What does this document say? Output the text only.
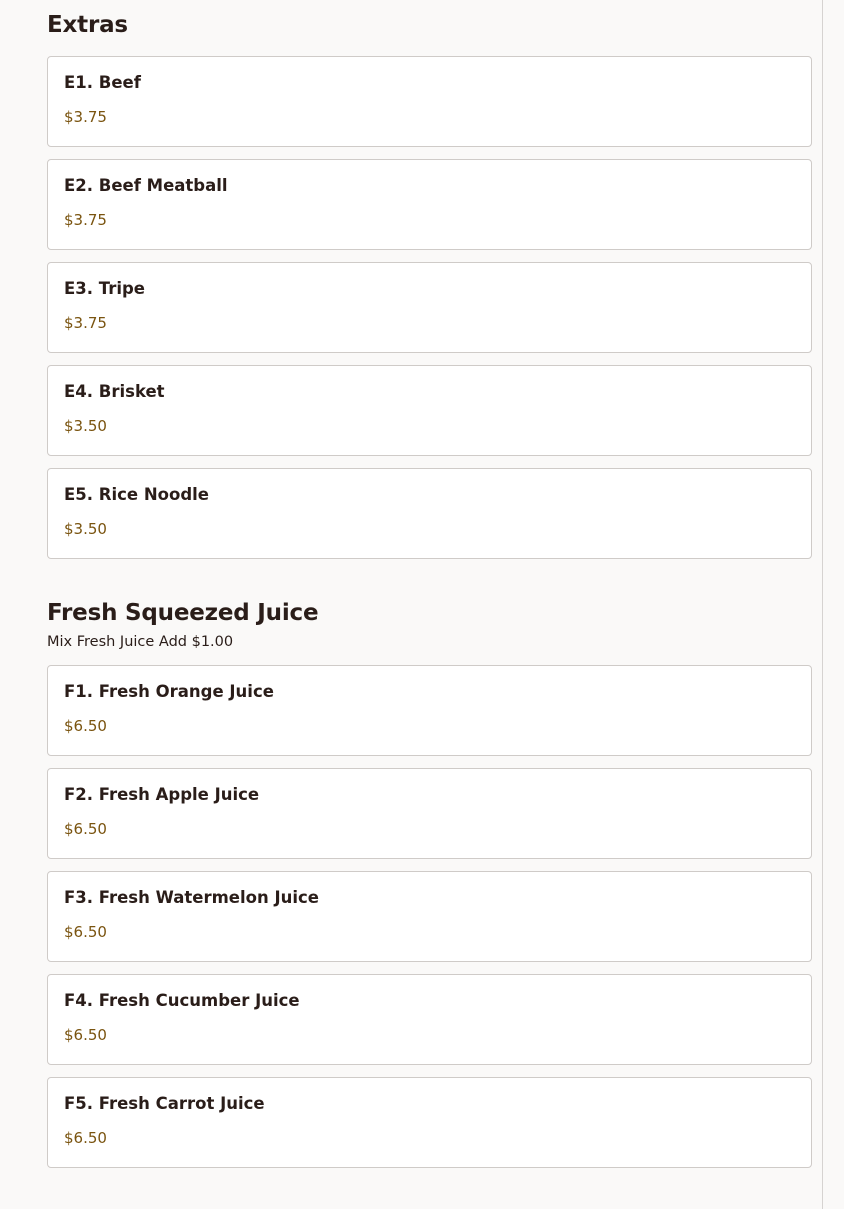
Extras
E1. Beef
$3.75
E2. Beef Meatball
$3.75
E3. Tripe
$3.75
E4. Brisket
$3.50
E5. Rice Noodle
$3.50
Fresh Squeezed Juice

Mix Fresh Juice Add $1.00

F1. Fresh Orange Juice
$6.50
F2. Fresh Apple Juice
$6.50
F3. Fresh Watermelon Juice
$6.50
F4. Fresh Cucumber Juice
$6.50
F5. Fresh Carrot Juice
$6.50
